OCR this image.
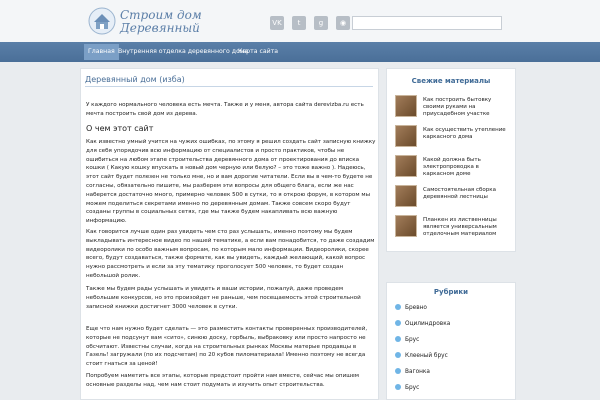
Строим дом
Деревянный	VK	t	g	◉
Главная Внутренняя отделка деревянного дома
Карта сайта
Деревянный дом (изба)
У каждого нормального человека есть мечта. Также и у меня, автора сайта derevizba.ru есть мечта построить свой дом из дерева.
О чем этот сайт
Как известно умный учится на чужих ошибках, по этому я решил создать сайт записную книжку для себя упорядочив всю информацию от специалистов и просто практиков, чтобы не ошибиться на любом этапе строительства деревянного дома от проектирования до вписка кошки ( Какую кошку впускать в новый дом черную или белую? – это тоже важно ). Надеюсь, этот сайт будет полезен не только мне, но и вам дорогие читатели. Если вы в чем-то будете не согласны, обязательно пишите, мы разберем эти вопросы для общего блага, если же нас наберется достаточно много, примерно человек 500 в сутки, то я открою форум, в котором мы можем поделиться секретами именно по деревянным домам. Также совсем скоро будут созданы группы в социальных сетях, где мы также будем накапливать всю важную информацию.
Как говорится лучше один раз увидеть чем сто раз услышать, именно поэтому мы будем выкладывать интересное видео по нашей тематике, а если вам понадобится, то даже создадим видеоролики по особо важным вопросам, по которым мало информации. Видеоролики, скорее всего, будут создаваться, также формате, как вы увидеть, каждый желающий, какой вопрос нужно рассмотреть и если за эту тематику проголосует 500 человек, то будет создан небольшой ролик.
Также мы будем рады услышать и увидеть и ваши истории, пожалуй, даже проведем небольшие конкурсов, но это произойдет не раньше, чем посещаемость этой строительной записной книжки достигнет 3000 человек в сутки.
Еще что нам нужно будет сделать — это разместить контакты проверенных производителей, которые не подсунут вам «сито», синюю доску, горбыль, выбраковку или просто напросто не обсчитают. Известны случаи, когда на строительных рынках Москвы матерые продавцы в Газель! загружали (по их подсчетам) по 20 кубов пиломатериала! Именно поэтому не всегда стоит гнаться за ценой!
Попробуем наметить все этапы, которые предстоит пройти нам вместе, сейчас мы опишем основные разделы над, чем нам стоит подумать и изучить опыт строительства.
Свежие материалы
Как построить бытовку своими руками на приусадебном участке
Как осуществить утепление каркасного дома
Какой должна быть электропроводка в каркасном доме
Самостоятельная сборка деревянной лестницы
Планкен из лиственницы является универсальным отделочным материалом
Рубрики
Бревно
Оцилиндровка
Брус
Клееный брус
Вагонка
Брус
